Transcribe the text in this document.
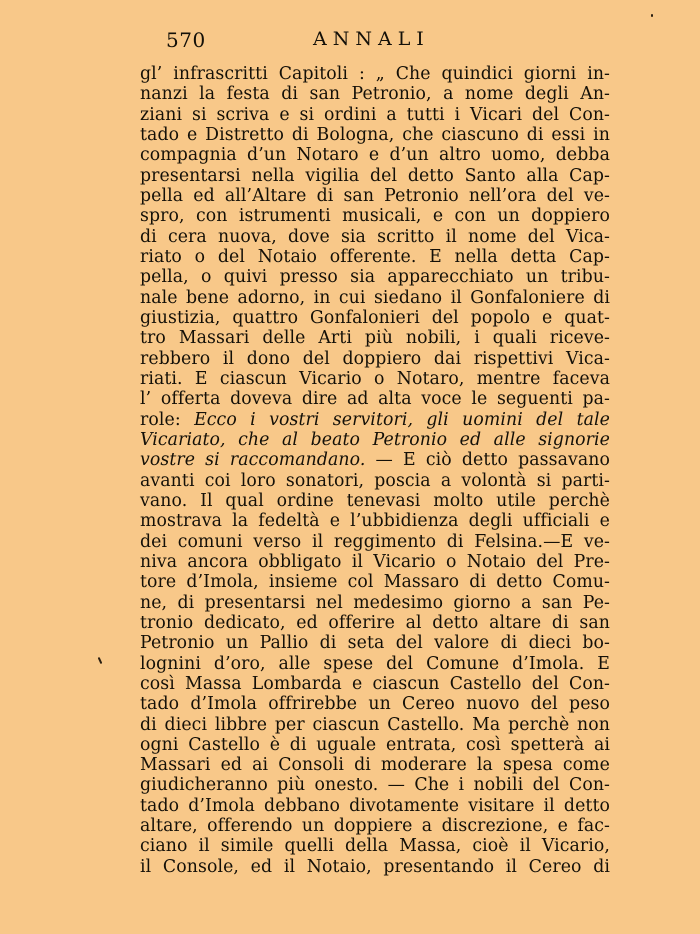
570	ANNALI
gl’ infrascritti Capitoli : „ Che quindici giorni in-
nanzi la festa di san Petronio, a nome degli An-
ziani si scriva e si ordini a tutti i Vicari del Con-
tado e Distretto di Bologna, che ciascuno di essi in
compagnia d’un Notaro e d’un altro uomo, debba
presentarsi nella vigilia del detto Santo alla Cap-
pella ed all’Altare di san Petronio nell’ora del ve-
spro, con istrumenti musicali, e con un doppiero
di cera nuova, dove sia scritto il nome del Vica-
riato o del Notaio offerente. E nella detta Cap-
pella, o quivi presso sia apparecchiato un tribu-
nale bene adorno, in cui siedano il Gonfaloniere di
giustizia, quattro Gonfalonieri del popolo e quat-
tro Massari delle Arti più nobili, i quali riceve-
rebbero il dono del doppiero dai rispettivi Vica-
riati. E ciascun Vicario o Notaro, mentre faceva
l’ offerta doveva dire ad alta voce le seguenti pa-
role: Ecco i vostri servitori, gli uomini del tale
Vicariato, che al beato Petronio ed alle signorie
vostre si raccomandano. — E ciò detto passavano
avanti coi loro sonatori, poscia a volontà si parti-
vano. Il qual ordine tenevasi molto utile perchè
mostrava la fedeltà e l’ubbidienza degli ufficiali e
dei comuni verso il reggimento di Felsina.—E ve-
niva ancora obbligato il Vicario o Notaio del Pre-
tore d’Imola, insieme col Massaro di detto Comu-
ne, di presentarsi nel medesimo giorno a san Pe-
tronio dedicato, ed offerire al detto altare di san
Petronio un Pallio di seta del valore di dieci bo-
lognini d’oro, alle spese del Comune d’Imola. E
così Massa Lombarda e ciascun Castello del Con-
tado d’Imola offrirebbe un Cereo nuovo del peso
di dieci libbre per ciascun Castello. Ma perchè non
ogni Castello è di uguale entrata, così spetterà ai
Massari ed ai Consoli di moderare la spesa come
giudicheranno più onesto. — Che i nobili del Con-
tado d’Imola debbano divotamente visitare il detto
altare, offerendo un doppiere a discrezione, e fac-
ciano il simile quelli della Massa, cioè il Vicario,
il Console, ed il Notaio, presentando il Cereo di
